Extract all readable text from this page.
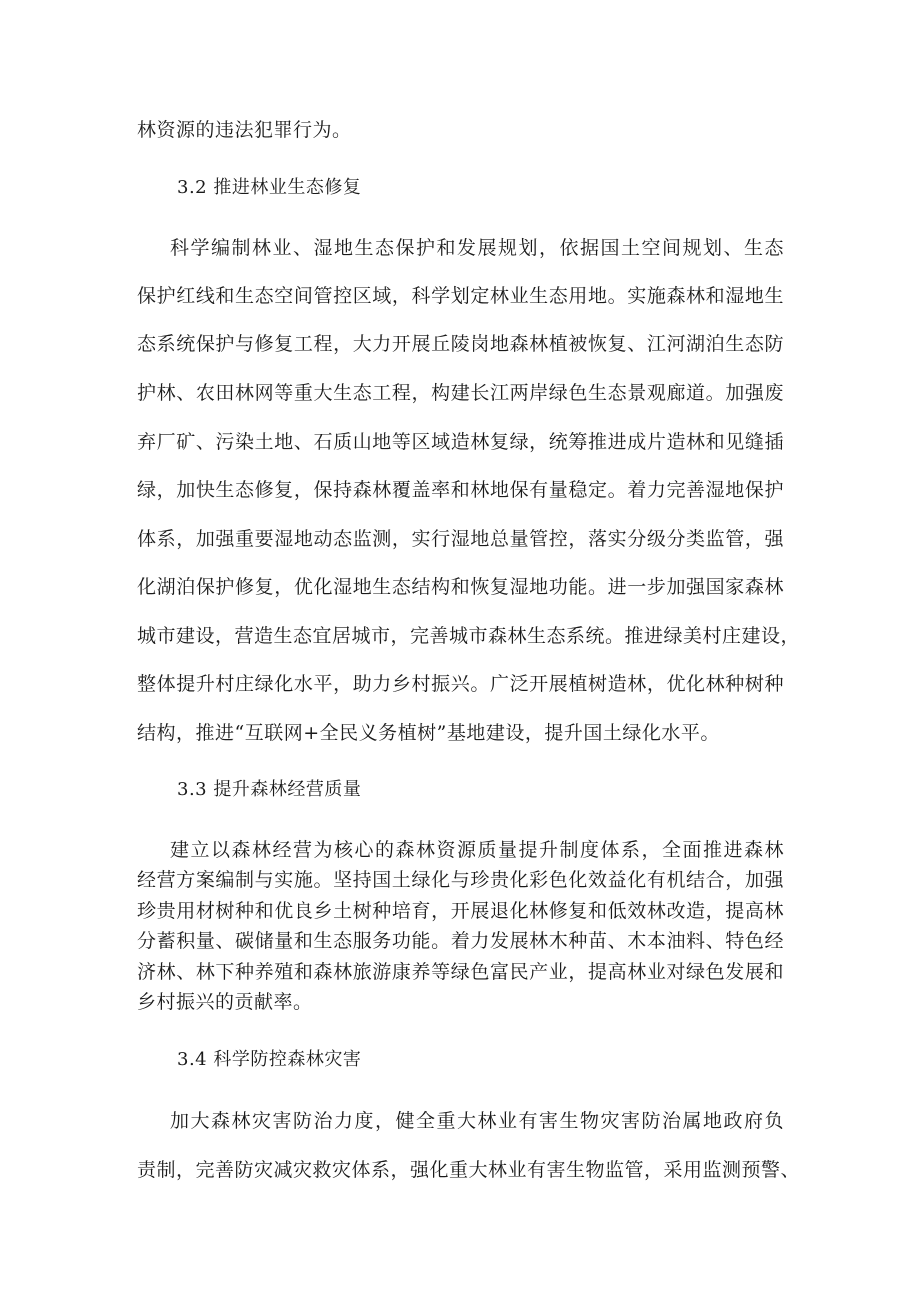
林资源的违法犯罪行为。
3.2 推进林业生态修复
科学编制林业、湿地生态保护和发展规划，依据国土空间规划、生态
保护红线和生态空间管控区域，科学划定林业生态用地。实施森林和湿地生
态系统保护与修复工程，大力开展丘陵岗地森林植被恢复、江河湖泊生态防
护林、农田林网等重大生态工程，构建长江两岸绿色生态景观廊道。加强废
弃厂矿、污染土地、石质山地等区域造林复绿，统筹推进成片造林和见缝插
绿，加快生态修复，保持森林覆盖率和林地保有量稳定。着力完善湿地保护
体系，加强重要湿地动态监测，实行湿地总量管控，落实分级分类监管，强
化湖泊保护修复，优化湿地生态结构和恢复湿地功能。进一步加强国家森林
城市建设，营造生态宜居城市，完善城市森林生态系统。推进绿美村庄建设，
整体提升村庄绿化水平，助力乡村振兴。广泛开展植树造林，优化林种树种
结构，推进“互联网+全民义务植树”基地建设，提升国土绿化水平。
3.3 提升森林经营质量
建立以森林经营为核心的森林资源质量提升制度体系，全面推进森林
经营方案编制与实施。坚持国土绿化与珍贵化彩色化效益化有机结合，加强
珍贵用材树种和优良乡土树种培育，开展退化林修复和低效林改造，提高林
分蓄积量、碳储量和生态服务功能。着力发展林木种苗、木本油料、特色经
济林、林下种养殖和森林旅游康养等绿色富民产业，提高林业对绿色发展和
乡村振兴的贡献率。
3.4 科学防控森林灾害
加大森林灾害防治力度，健全重大林业有害生物灾害防治属地政府负
责制，完善防灾减灾救灾体系，强化重大林业有害生物监管，采用监测预警、
